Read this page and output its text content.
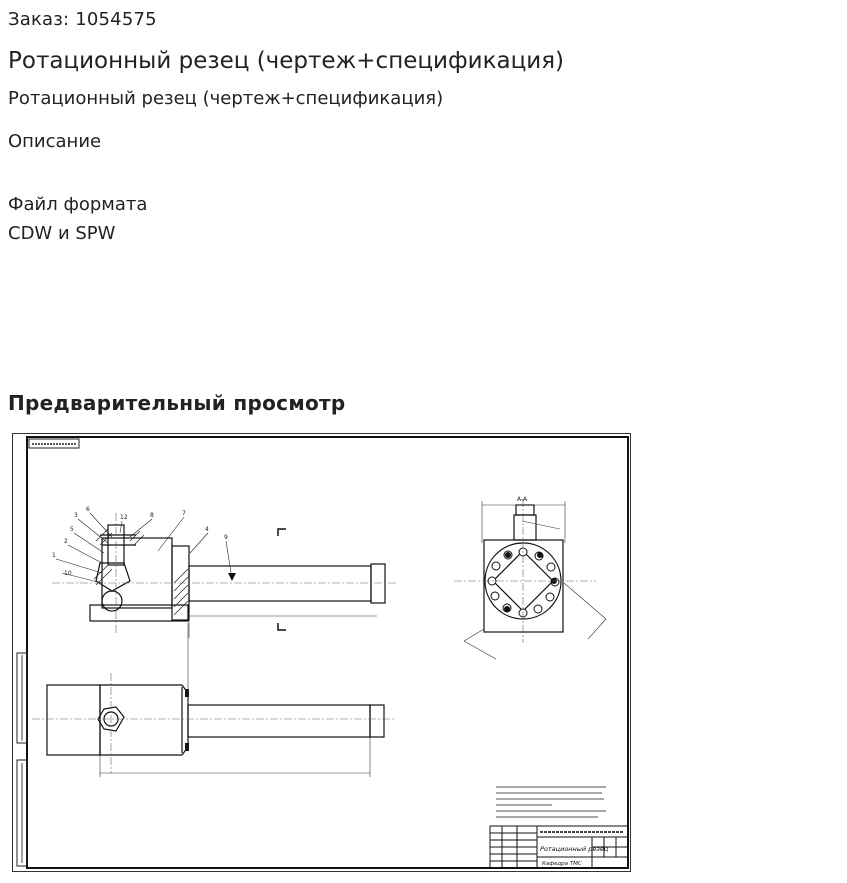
Заказ: 1054575
Ротационный резец (чертеж+спецификация)
Ротационный резец (чертеж+спецификация)
Описание
Файл формата
CDW и SPW
Предварительный просмотр
3
6
12	8	7
4
1
2
5
9
10
A-A
Ротационный резец
Кафедра ТМС
